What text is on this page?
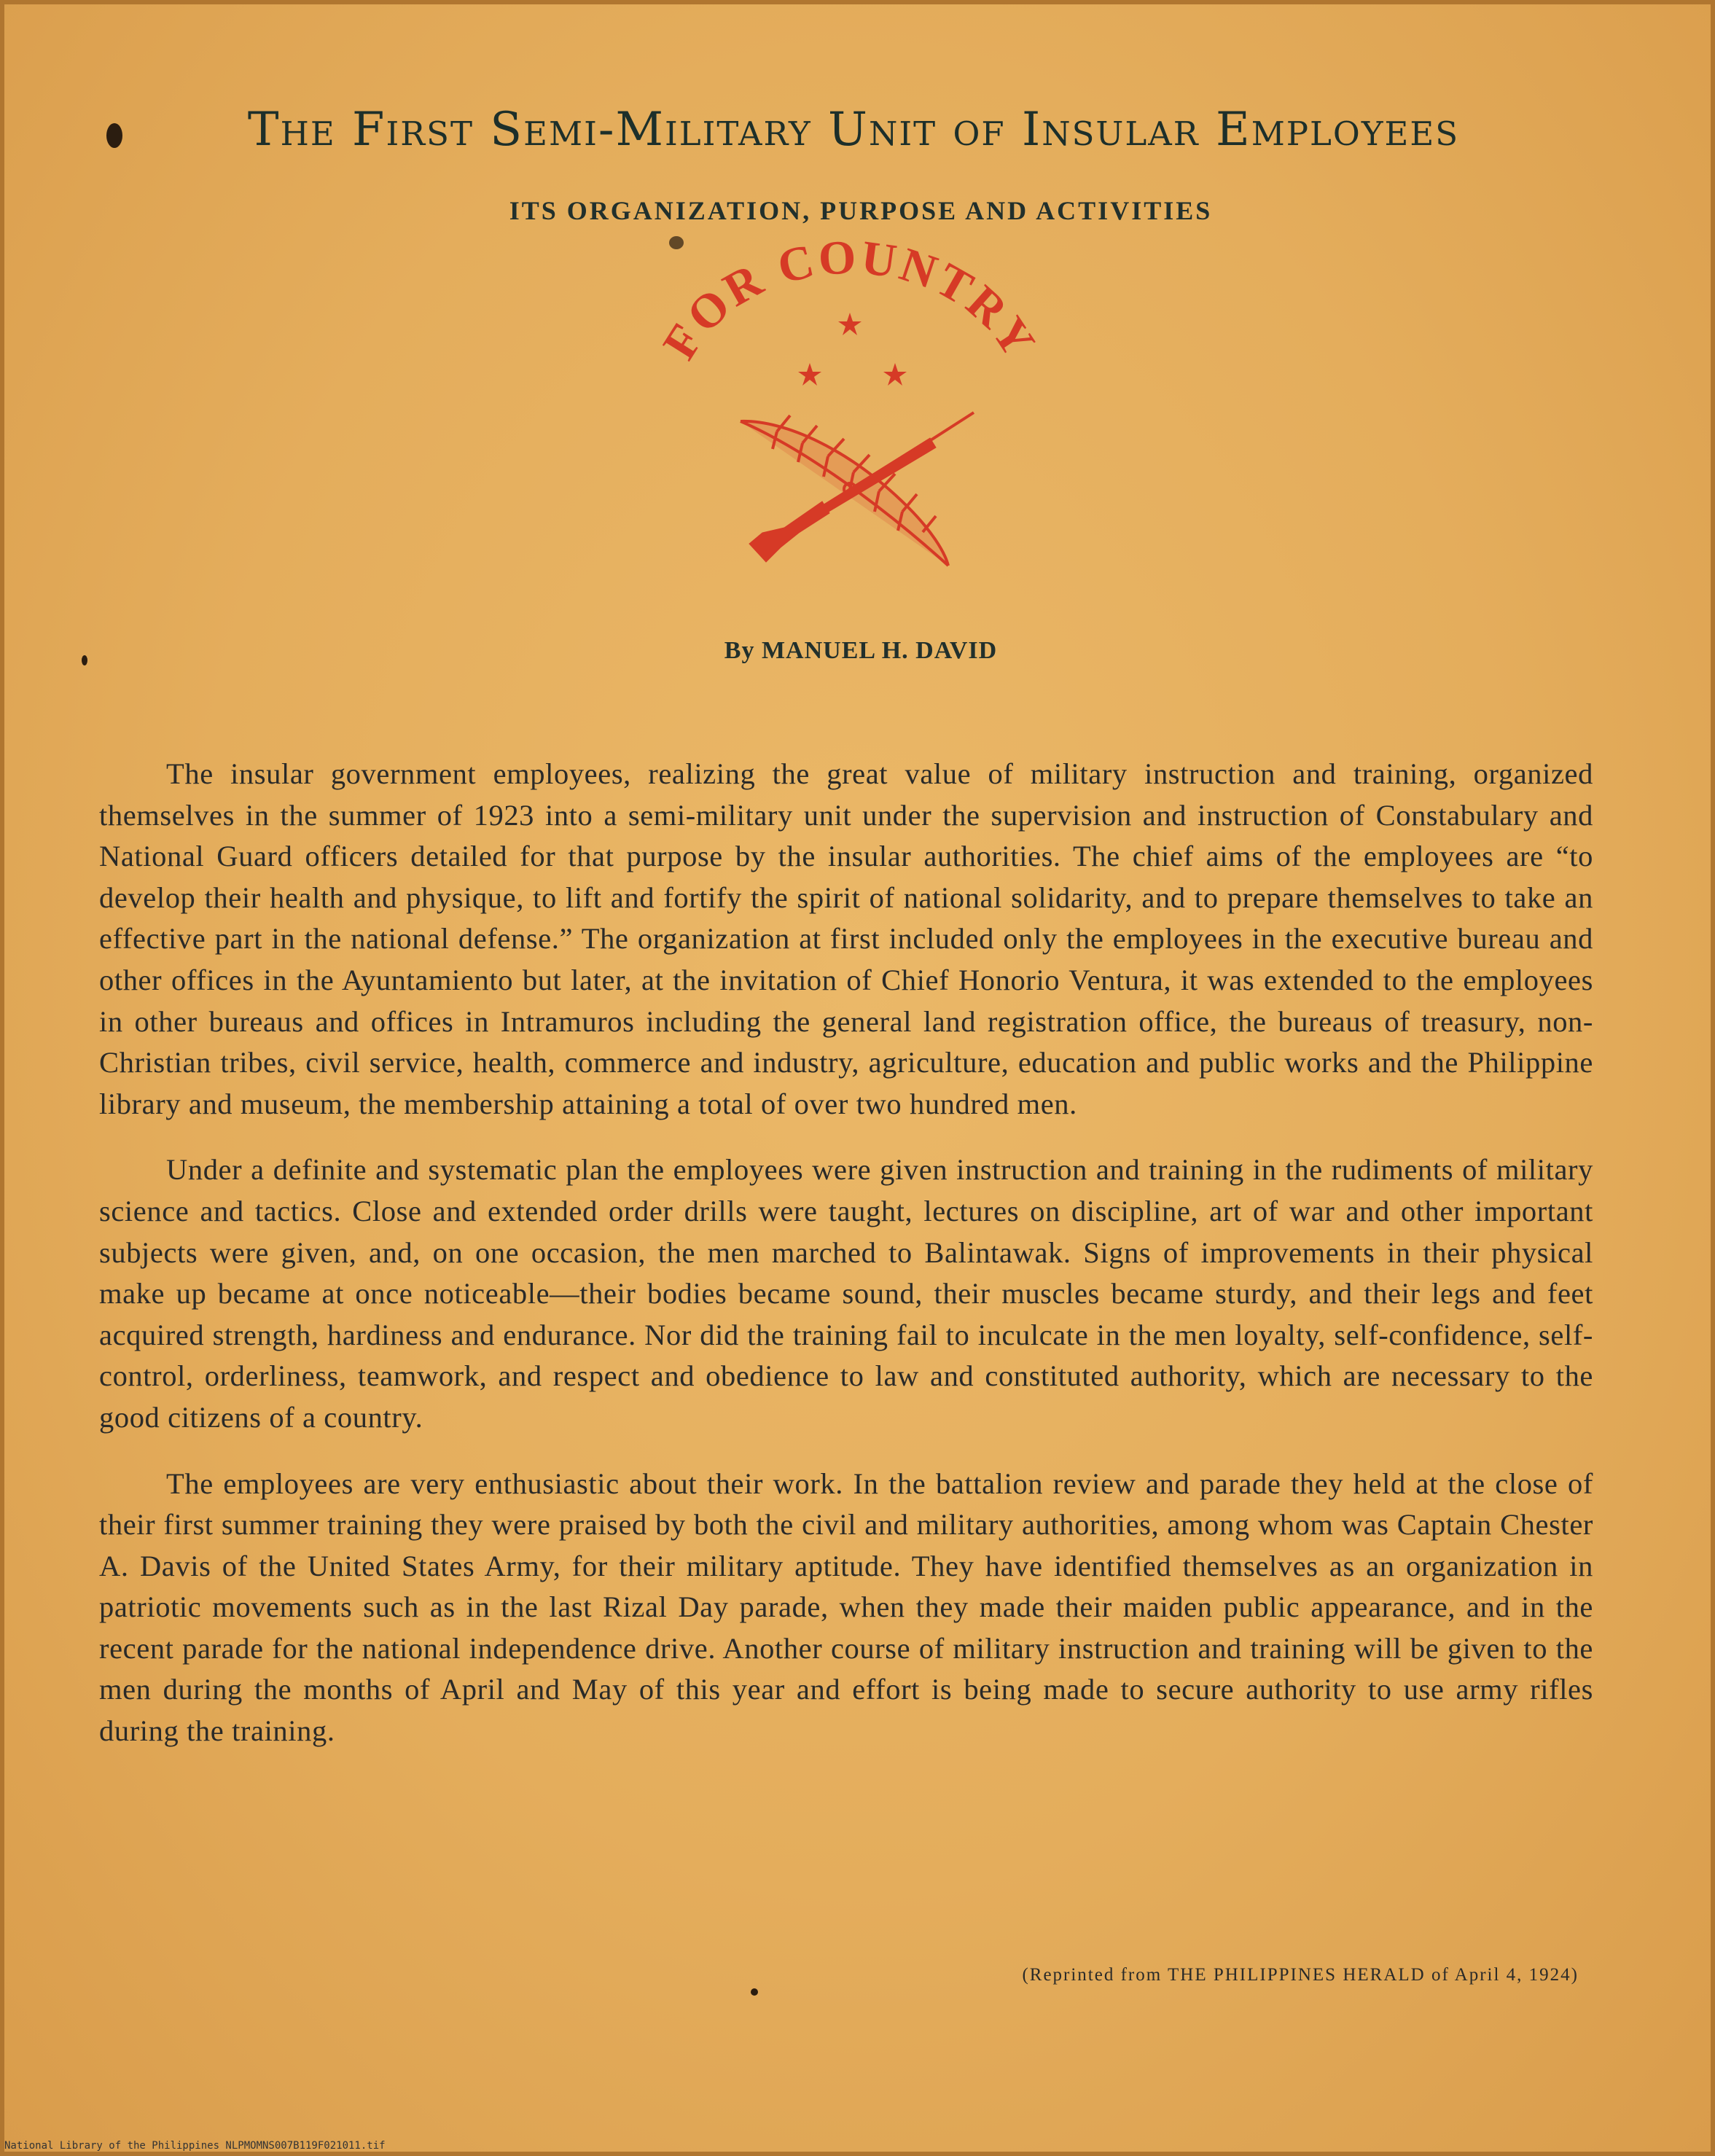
The First Semi-Military Unit of Insular Employees
ITS ORGANIZATION, PURPOSE AND ACTIVITIES
FOR COUNTRY
By MANUEL H. DAVID

The insular government employees, realizing the great value of military instruction and training, organized themselves in the summer of 1923 into a semi-military unit under the supervision and instruction of Constabulary and National Guard officers detailed for that purpose by the insular authorities. The chief aims of the employees are “to develop their health and physique, to lift and fortify the spirit of national solidarity, and to prepare themselves to take an effective part in the national defense.” The organization at first included only the employees in the executive bureau and other offices in the Ayuntamiento but later, at the invitation of Chief Honorio Ventura, it was extended to the employees in other bureaus and offices in Intramuros including the general land registration office, the bureaus of treasury, non-Christian tribes, civil service, health, commerce and industry, agriculture, education and public works and the Philippine library and museum, the membership attaining a total of over two hundred men.

Under a definite and systematic plan the employees were given instruction and training in the rudiments of military science and tactics. Close and extended order drills were taught, lectures on discipline, art of war and other important subjects were given, and, on one occasion, the men marched to Balintawak. Signs of improvements in their physical make up became at once noticeable—their bodies became sound, their muscles became sturdy, and their legs and feet acquired strength, hardiness and endurance. Nor did the training fail to inculcate in the men loyalty, self-confidence, self-control, orderliness, teamwork, and respect and obedience to law and constituted authority, which are necessary to the good citizens of a country.

The employees are very enthusiastic about their work. In the battalion review and parade they held at the close of their first summer training they were praised by both the civil and military authorities, among whom was Captain Chester A. Davis of the United States Army, for their military aptitude. They have identified themselves as an organization in patriotic movements such as in the last Rizal Day parade, when they made their maiden public appearance, and in the recent parade for the national independence drive. Another course of military instruction and training will be given to the men during the months of April and May of this year and effort is being made to secure authority to use army rifles during the training.

(Reprinted from THE PHILIPPINES HERALD of April 4, 1924)
National Library of the Philippines NLPMOMNS007B119F021011.tif
